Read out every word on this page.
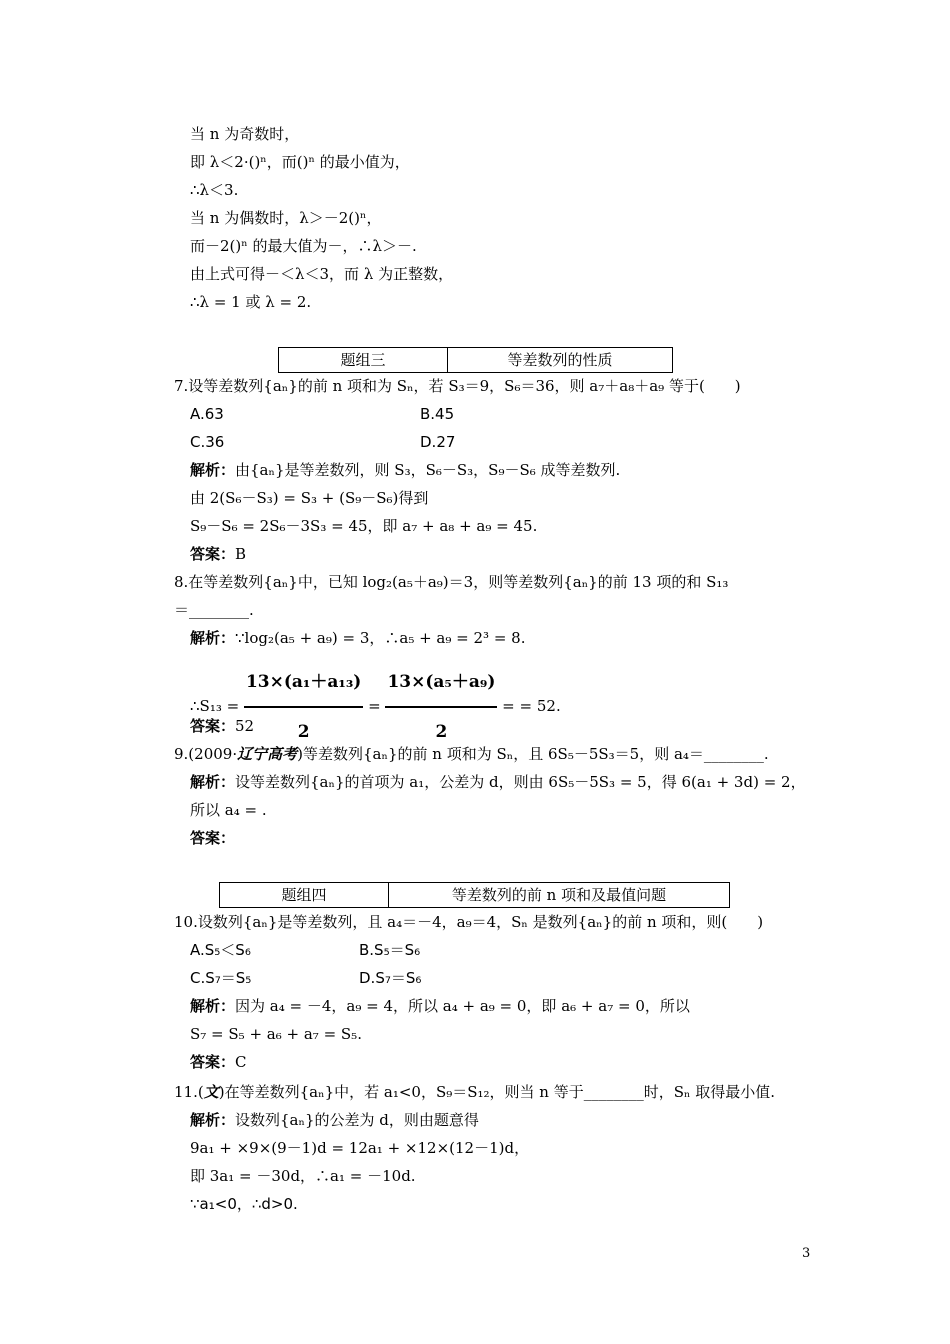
当 n 为奇数时，
即 λ＜2·()ⁿ，而()ⁿ 的最小值为，
∴λ＜3.
当 n 为偶数时，λ＞－2()ⁿ，
而－2()ⁿ 的最大值为－，∴λ＞－.
由上式可得－＜λ＜3，而 λ 为正整数，
∴λ = 1 或 λ = 2.
题组三	等差数列的性质
7.设等差数列{aₙ}的前 n 项和为 Sₙ，若 S₃＝9，S₆＝36，则 a₇＋a₈＋a₉ 等于(　　)
A.63	B.45
C.36	D.27
解析：由{aₙ}是等差数列，则 S₃，S₆－S₃，S₉－S₆ 成等差数列.
由 2(S₆－S₃) = S₃ + (S₉－S₆)得到
S₉－S₆ = 2S₆－3S₃ = 45，即 a₇ + a₈ + a₉ = 45.
答案：B
8.在等差数列{aₙ}中，已知 log₂(a₅＋a₉)＝3，则等差数列{aₙ}的前 13 项的和 S₁₃
＝________.
解析：∵log₂(a₅ + a₉) = 3，∴a₅ + a₉ = 2³ = 8.
∴S₁₃ = $\frac{\text{13×(a₁＋a₁₃)}}{2} = \frac{\text{13×(a₅＋a₉)}}{2}$ = = 52.
答案：52
9.(2009·辽宁高考)等差数列{aₙ}的前 n 项和为 Sₙ，且 6S₅－5S₃＝5，则 a₄＝________.
解析：设等差数列{aₙ}的首项为 a₁，公差为 d，则由 6S₅－5S₃ = 5，得 6(a₁ + 3d) = 2，
所以 a₄ = .
答案：
题组四	等差数列的前 n 项和及最值问题
10.设数列{aₙ}是等差数列，且 a₄＝－4，a₉＝4，Sₙ 是数列{aₙ}的前 n 项和，则(　　)
A.S₅＜S₆	B.S₅＝S₆
C.S₇＝S₅	D.S₇＝S₆
解析：因为 a₄ = －4，a₉ = 4，所以 a₄ + a₉ = 0，即 a₆ + a₇ = 0，所以
S₇ = S₅ + a₆ + a₇ = S₅.
答案：C
11.(文)在等差数列{aₙ}中，若 a₁<0，S₉＝S₁₂，则当 n 等于________时，Sₙ 取得最小值.
解析：设数列{aₙ}的公差为 d，则由题意得
9a₁ + ×9×(9－1)d = 12a₁ + ×12×(12－1)d，
即 3a₁ = －30d，∴a₁ = －10d.
∵a₁<0，∴d>0.
3
